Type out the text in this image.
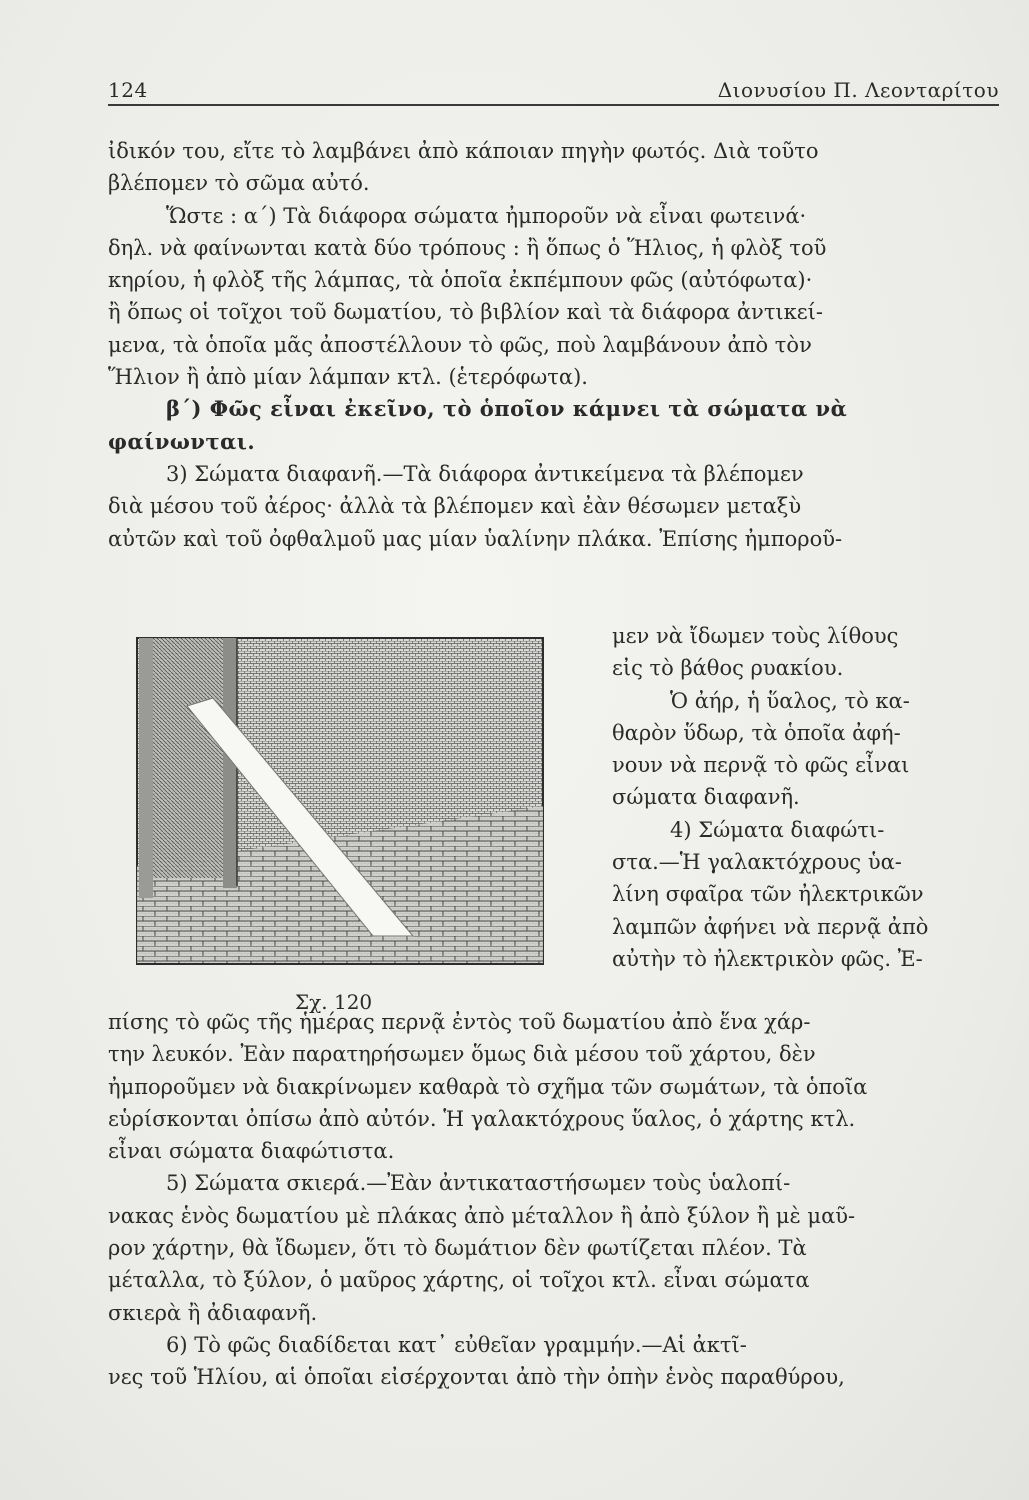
124	Διονυσίου Π. Λεονταρίτου
ἰδικόν του, εἴτε τὸ λαμβάνει ἀπὸ κάποιαν πηγὴν φωτός. Διὰ τοῦτο
βλέπομεν τὸ σῶμα αὐτό.
Ὥστε : α΄) Τὰ διάφορα σώματα ἠμποροῦν νὰ εἶναι φωτεινά·
δηλ. νὰ φαίνωνται κατὰ δύο τρόπους : ἢ ὅπως ὁ Ἥλιος, ἡ φλὸξ τοῦ
κηρίου, ἡ φλὸξ τῆς λάμπας, τὰ ὁποῖα ἐκπέμπουν φῶς (αὐτόφωτα)·
ἢ ὅπως οἱ τοῖχοι τοῦ δωματίου, τὸ βιβλίον καὶ τὰ διάφορα ἀντικεί-
μενα, τὰ ὁποῖα μᾶς ἀποστέλλουν τὸ φῶς, ποὺ λαμβάνουν ἀπὸ τὸν
Ἥλιον ἢ ἀπὸ μίαν λάμπαν κτλ. (ἑτερόφωτα).
β΄) Φῶς εἶναι ἐκεῖνο, τὸ ὁποῖον κάμνει τὰ σώματα νὰ
φαίνωνται.
3) Σώματα διαφανῆ.—Τὰ διάφορα ἀντικείμενα τὰ βλέπομεν
διὰ μέσου τοῦ ἀέρος· ἀλλὰ τὰ βλέπομεν καὶ ἐὰν θέσωμεν μεταξὺ
αὐτῶν καὶ τοῦ ὀφθαλμοῦ μας μίαν ὑαλίνην πλάκα. Ἐπίσης ἠμποροῦ-
Σχ. 120
μεν νὰ ἴδωμεν τοὺς λίθους
εἰς τὸ βάθος ρυακίου.
Ὁ ἀήρ, ἡ ὕαλος, τὸ κα-
θαρὸν ὕδωρ, τὰ ὁποῖα ἀφή-
νουν νὰ περνᾷ τὸ φῶς εἶναι
σώματα διαφανῆ.
4) Σώματα διαφώτι-
στα.—Ἡ γαλακτόχρους ὑα-
λίνη σφαῖρα τῶν ἠλεκτρικῶν
λαμπῶν ἀφήνει νὰ περνᾷ ἀπὸ
αὐτὴν τὸ ἠλεκτρικὸν φῶς. Ἐ-
πίσης τὸ φῶς τῆς ἡμέρας περνᾷ ἐντὸς τοῦ δωματίου ἀπὸ ἕνα χάρ-
την λευκόν. Ἐὰν παρατηρήσωμεν ὅμως διὰ μέσου τοῦ χάρτου, δὲν
ἠμποροῦμεν νὰ διακρίνωμεν καθαρὰ τὸ σχῆμα τῶν σωμάτων, τὰ ὁποῖα
εὑρίσκονται ὀπίσω ἀπὸ αὐτόν. Ἡ γαλακτόχρους ὕαλος, ὁ χάρτης κτλ.
εἶναι σώματα διαφώτιστα.
5) Σώματα σκιερά.—Ἐὰν ἀντικαταστήσωμεν τοὺς ὑαλοπί-
νακας ἑνὸς δωματίου μὲ πλάκας ἀπὸ μέταλλον ἢ ἀπὸ ξύλον ἢ μὲ μαῦ-
ρον χάρτην, θὰ ἴδωμεν, ὅτι τὸ δωμάτιον δὲν φωτίζεται πλέον. Τὰ
μέταλλα, τὸ ξύλον, ὁ μαῦρος χάρτης, οἱ τοῖχοι κτλ. εἶναι σώματα
σκιερὰ ἢ ἀδιαφανῆ.
6) Τὸ φῶς διαδίδεται κατ᾽ εὐθεῖαν γραμμήν.—Αἱ ἀκτῖ-
νες τοῦ Ἡλίου, αἱ ὁποῖαι εἰσέρχονται ἀπὸ τὴν ὀπὴν ἑνὸς παραθύρου,
